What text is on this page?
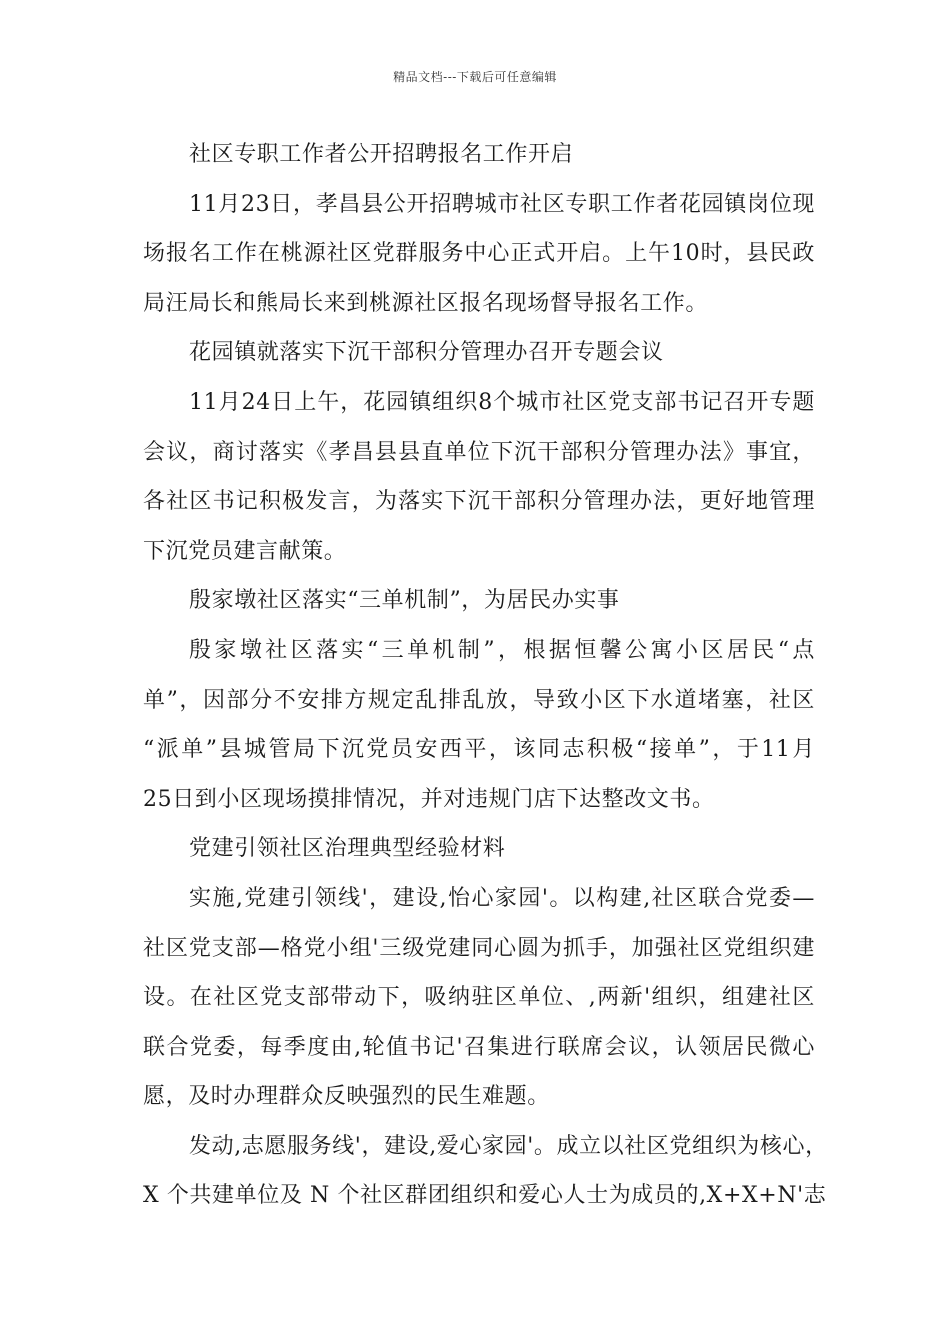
精品文档---下载后可任意编辑
社区专职工作者公开招聘报名工作开启
11月23日，孝昌县公开招聘城市社区专职工作者花园镇岗位现
场报名工作在桃源社区党群服务中心正式开启。上午10时，县民政
局汪局长和熊局长来到桃源社区报名现场督导报名工作。
花园镇就落实下沉干部积分管理办召开专题会议
11月24日上午，花园镇组织8个城市社区党支部书记召开专题
会议，商讨落实《孝昌县县直单位下沉干部积分管理办法》事宜，
各社区书记积极发言，为落实下沉干部积分管理办法，更好地管理
下沉党员建言献策。
殷家墩社区落实“三单机制”，为居民办实事
殷家墩社区落实“三单机制”，根据恒馨公寓小区居民“点
单”，因部分不安排方规定乱排乱放，导致小区下水道堵塞，社区
“派单”县城管局下沉党员安西平，该同志积极“接单”，于11月
25日到小区现场摸排情况，并对违规门店下达整改文书。
党建引领社区治理典型经验材料
实施,党建引领线'，建设,怡心家园'。以构建,社区联合党委—
社区党支部—格党小组'三级党建同心圆为抓手，加强社区党组织建
设。在社区党支部带动下，吸纳驻区单位、,两新'组织，组建社区
联合党委，每季度由,轮值书记'召集进行联席会议，认领居民微心
愿，及时办理群众反映强烈的民生难题。
发动,志愿服务线'，建设,爱心家园'。成立以社区党组织为核心，
X 个共建单位及 N 个社区群团组织和爱心人士为成员的,X+X+N'志
